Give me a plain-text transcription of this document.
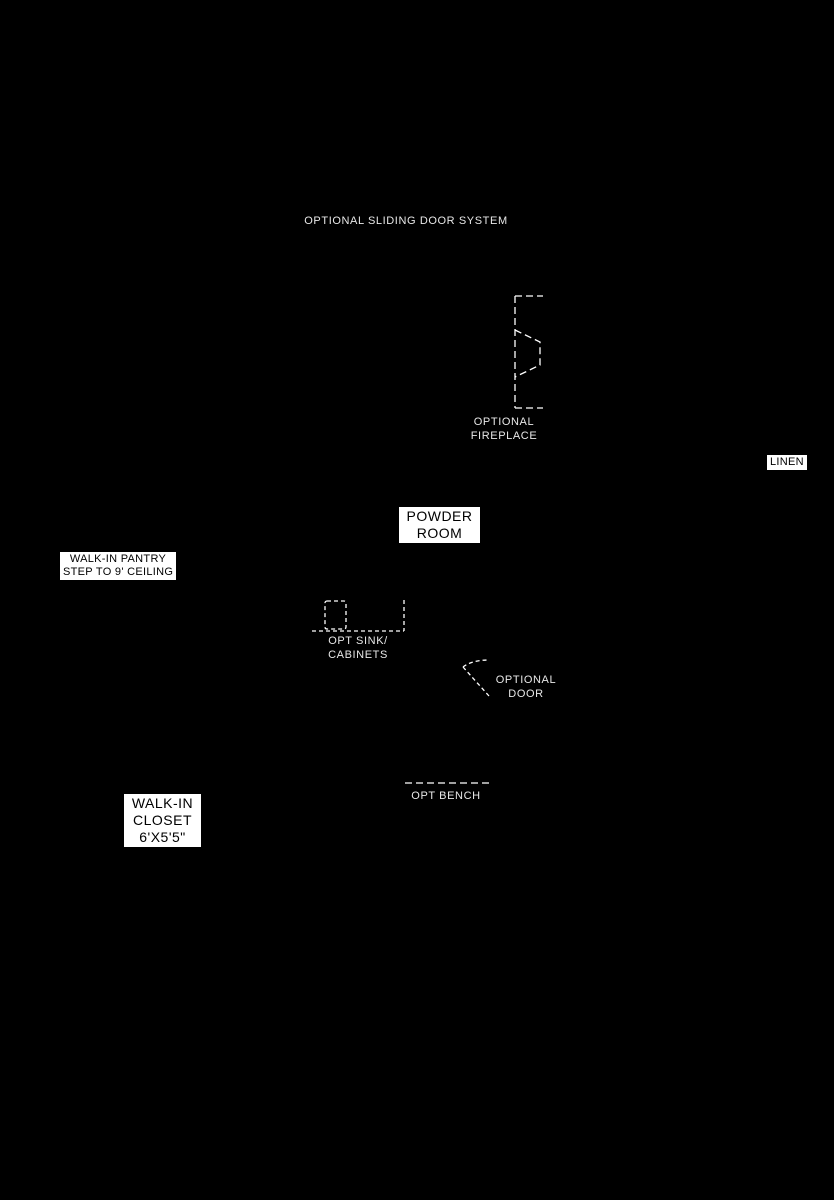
OPTIONAL SLIDING DOOR SYSTEM
OPTIONAL
FIREPLACE
OPT SINK/
CABINETS
OPTIONAL
DOOR
OPT BENCH
LINEN
POWDER
ROOM
WALK-IN PANTRY
STEP TO 9' CEILING
WALK-IN
CLOSET
6'X5'5"
